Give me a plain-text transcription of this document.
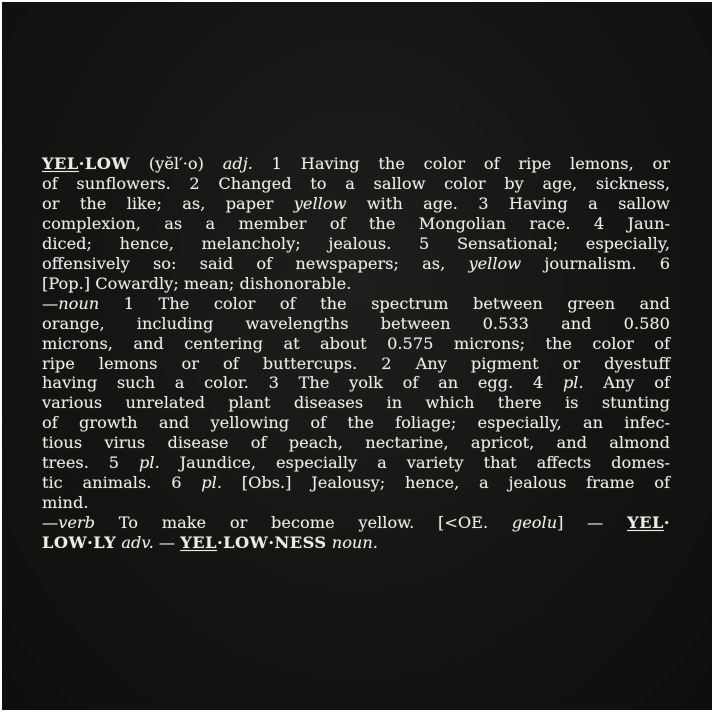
YEL·LOW (yĕl′·o) adj. 1 Having the color of ripe lemons, or
of sunflowers. 2 Changed to a sallow color by age, sickness,
or the like; as, paper yellow with age. 3 Having a sallow
complexion, as a member of the Mongolian race. 4 Jaun-
diced; hence, melancholy; jealous. 5 Sensational; especially,
offensively so: said of newspapers; as, yellow journalism. 6
[Pop.] Cowardly; mean; dishonorable.
—noun 1 The color of the spectrum between green and
orange, including wavelengths between 0.533 and 0.580
microns, and centering at about 0.575 microns; the color of
ripe lemons or of buttercups. 2 Any pigment or dyestuff
having such a color. 3 The yolk of an egg. 4 pl. Any of
various unrelated plant diseases in which there is stunting
of growth and yellowing of the foliage; especially, an infec-
tious virus disease of peach, nectarine, apricot, and almond
trees. 5 pl. Jaundice, especially a variety that affects domes-
tic animals. 6 pl. [Obs.] Jealousy; hence, a jealous frame of
mind.
—verb To make or become yellow. [<OE. geolu] — YEL·
LOW·LY adv. — YEL·LOW·NESS noun.
